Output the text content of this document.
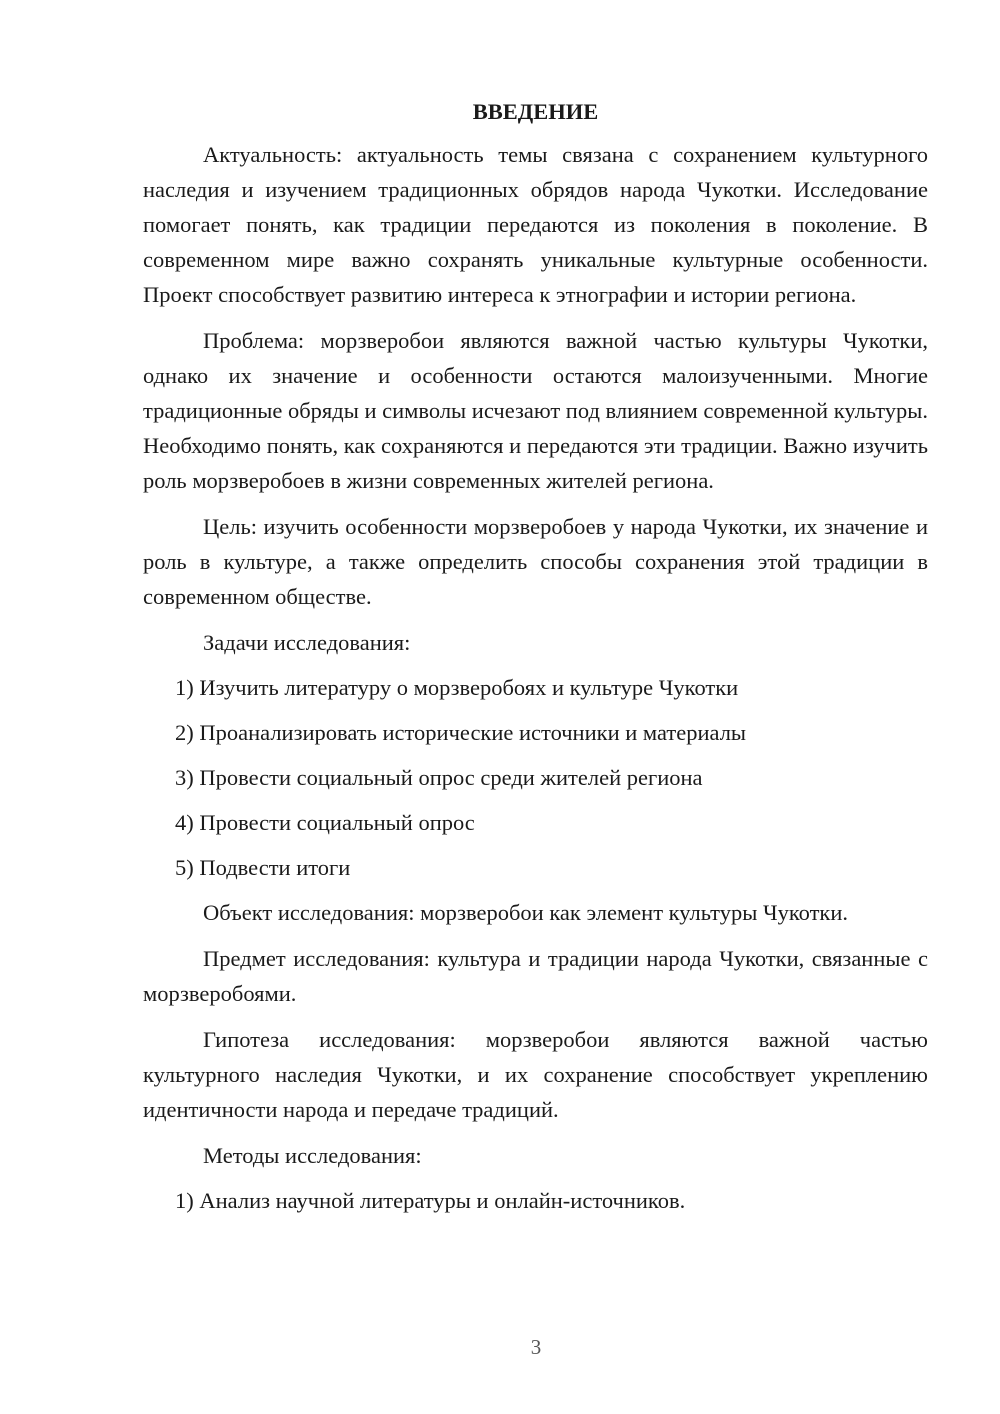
ВВЕДЕНИЕ
Актуальность: актуальность темы связана с сохранением культурного наследия и изучением традиционных обрядов народа Чукотки. Исследование помогает понять, как традиции передаются из поколения в поколение. В современном мире важно сохранять уникальные культурные особенности. Проект способствует развитию интереса к этнографии и истории региона.
Проблема: морзверобои являются важной частью культуры Чукотки, однако их значение и особенности остаются малоизученными. Многие традиционные обряды и символы исчезают под влиянием современной культуры. Необходимо понять, как сохраняются и передаются эти традиции. Важно изучить роль морзверобоев в жизни современных жителей региона.
Цель: изучить особенности морзверобоев у народа Чукотки, их значение и роль в культуре, а также определить способы сохранения этой традиции в современном обществе.
Задачи исследования:
1) Изучить литературу о морзверобоях и культуре Чукотки
2) Проанализировать исторические источники и материалы
3) Провести социальный опрос среди жителей региона
4) Провести социальный опрос
5) Подвести итоги
Объект исследования: морзверобои как элемент культуры Чукотки.
Предмет исследования: культура и традиции народа Чукотки, связанные с морзверобоями.
Гипотеза исследования: морзверобои являются важной частью культурного наследия Чукотки, и их сохранение способствует укреплению идентичности народа и передаче традиций.
Методы исследования:
1) Анализ научной литературы и онлайн-источников.
3
